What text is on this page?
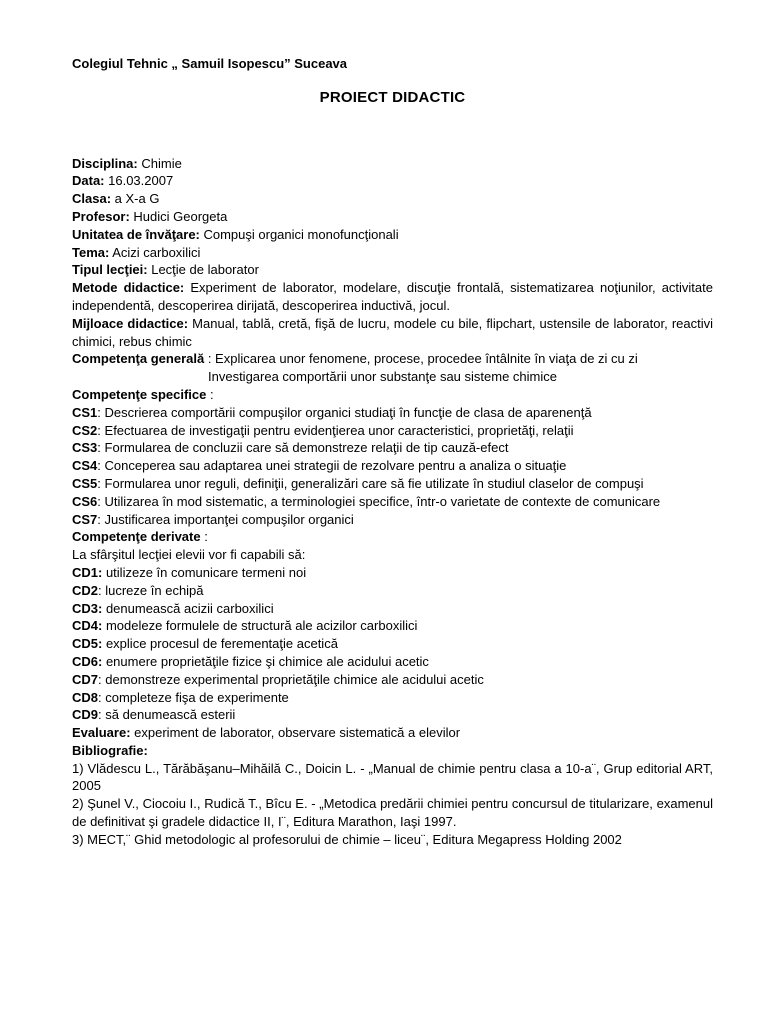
Colegiul Tehnic „ Samuil Isopescu” Suceava
PROIECT DIDACTIC
Disciplina: Chimie
Data: 16.03.2007
Clasa: a X-a G
Profesor: Hudici Georgeta
Unitatea de învăţare: Compuşi organici monofuncţionali
Tema: Acizi carboxilici
Tipul lecţiei: Lecţie de laborator
Metode didactice: Experiment de laborator, modelare, discuţie frontală, sistematizarea noţiunilor, activitate independentă, descoperirea dirijată, descoperirea inductivă, jocul.
Mijloace didactice: Manual, tablă, cretă, fişă de lucru, modele cu bile, flipchart, ustensile de laborator, reactivi chimici, rebus chimic
Competenţa generală : Explicarea unor fenomene, procese, procedee întâlnite în viaţa de zi cu zi
Investigarea comportării unor substanţe sau sisteme chimice
Competenţe specifice :
CS1: Descrierea comportării compuşilor organici studiaţi în funcţie de clasa de aparenenţă
CS2: Efectuarea de investigaţii pentru evidenţierea unor caracteristici, proprietăţi, relaţii
CS3: Formularea de concluzii care să demonstreze relaţii de tip cauză-efect
CS4: Conceperea sau adaptarea unei strategii de rezolvare pentru a analiza o situaţie
CS5: Formularea unor reguli, definiţii, generalizări care să fie utilizate în studiul claselor de compuşi
CS6: Utilizarea în mod sistematic, a terminologiei specifice, într-o varietate de contexte de comunicare
CS7: Justificarea importanţei compuşilor organici
Competenţe derivate :
La sfârşitul lecţiei elevii vor fi capabili să:
CD1: utilizeze în comunicare termeni noi
CD2: lucreze în echipă
CD3: denumească acizii carboxilici
CD4: modeleze formulele de structură ale acizilor carboxilici
CD5: explice procesul de ferementaţie acetică
CD6: enumere proprietăţile fizice şi chimice ale acidului acetic
CD7: demonstreze experimental proprietăţile chimice ale acidului acetic
CD8: completeze fişa de experimente
CD9: să denumească esterii
Evaluare: experiment de laborator, observare sistematică a elevilor
Bibliografie:
1) Vlădescu L., Tărăbăşanu–Mihăilă C., Doicin L. - „Manual de chimie pentru clasa a 10-a¨, Grup editorial ART, 2005
2) Şunel V., Ciocoiu I., Rudică T., Bîcu E. - „Metodica predării chimiei pentru concursul de titularizare, examenul de definitivat şi gradele didactice II, I¨, Editura Marathon, Iaşi 1997.
3) MECT,¨ Ghid metodologic al profesorului de chimie – liceu¨, Editura Megapress Holding 2002
